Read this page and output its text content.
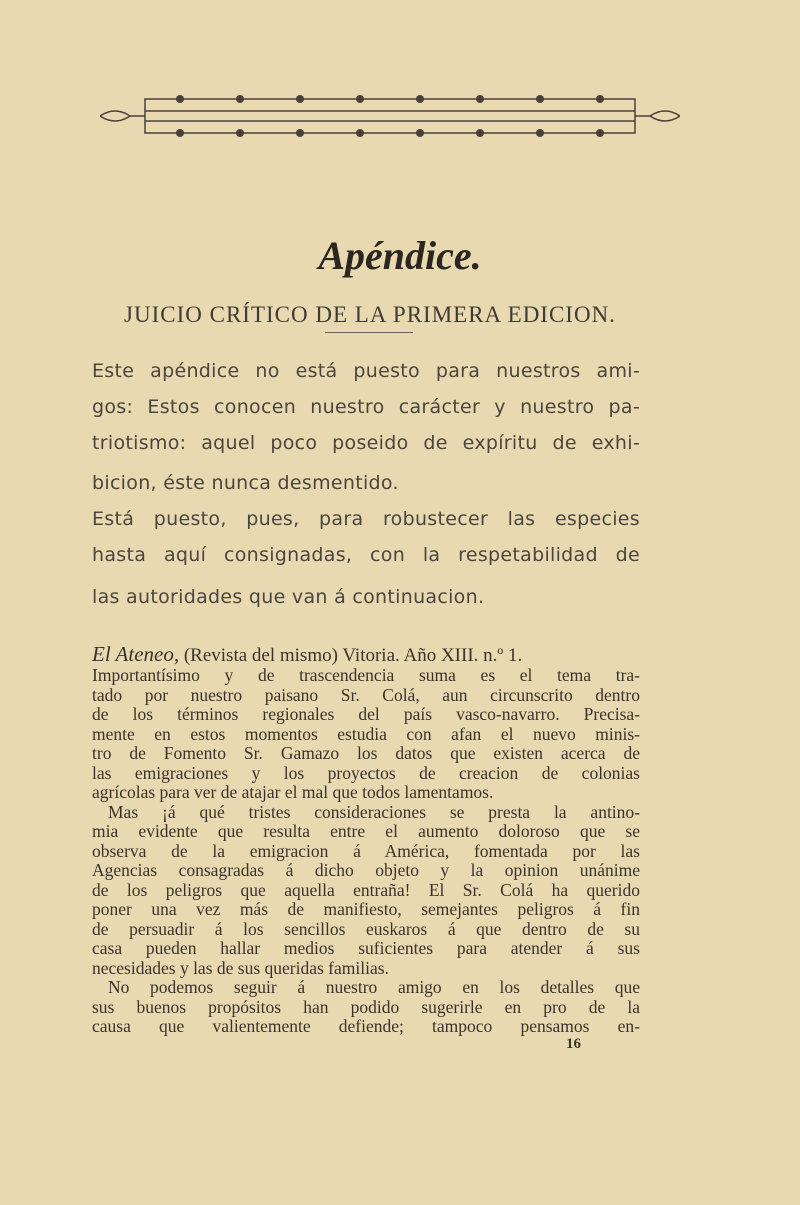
Apéndice.
JUICIO CRÍTICO DE LA PRIMERA EDICION.
Este apéndice no está puesto para nuestros ami-
gos: Estos conocen nuestro carácter y nuestro pa-
triotismo: aquel poco poseido de expíritu de exhi-
bicion, éste nunca desmentido.
Está puesto, pues, para robustecer las especies
hasta aquí consignadas, con la respetabilidad de
las autoridades que van á continuacion.
El Ateneo, (Revista del mismo) Vitoria. Año XIII. n.º 1.
Importantísimo y de trascendencia suma es el tema tra-
tado por nuestro paisano Sr. Colá, aun circunscrito dentro
de los términos regionales del país vasco-navarro. Precisa-
mente en estos momentos estudia con afan el nuevo minis-
tro de Fomento Sr. Gamazo los datos que existen acerca de
las emigraciones y los proyectos de creacion de colonias
agrícolas para ver de atajar el mal que todos lamentamos.
Mas ¡á qué tristes consideraciones se presta la antino-
mia evidente que resulta entre el aumento doloroso que se
observa de la emigracion á América, fomentada por las
Agencias consagradas á dicho objeto y la opinion unánime
de los peligros que aquella entraña! El Sr. Colá ha querido
poner una vez más de manifiesto, semejantes peligros á fin
de persuadir á los sencillos euskaros á que dentro de su
casa pueden hallar medios suficientes para atender á sus
necesidades y las de sus queridas familias.
No podemos seguir á nuestro amigo en los detalles que
sus buenos propósitos han podido sugerirle en pro de la
causa que valientemente defiende; tampoco pensamos en-
16
